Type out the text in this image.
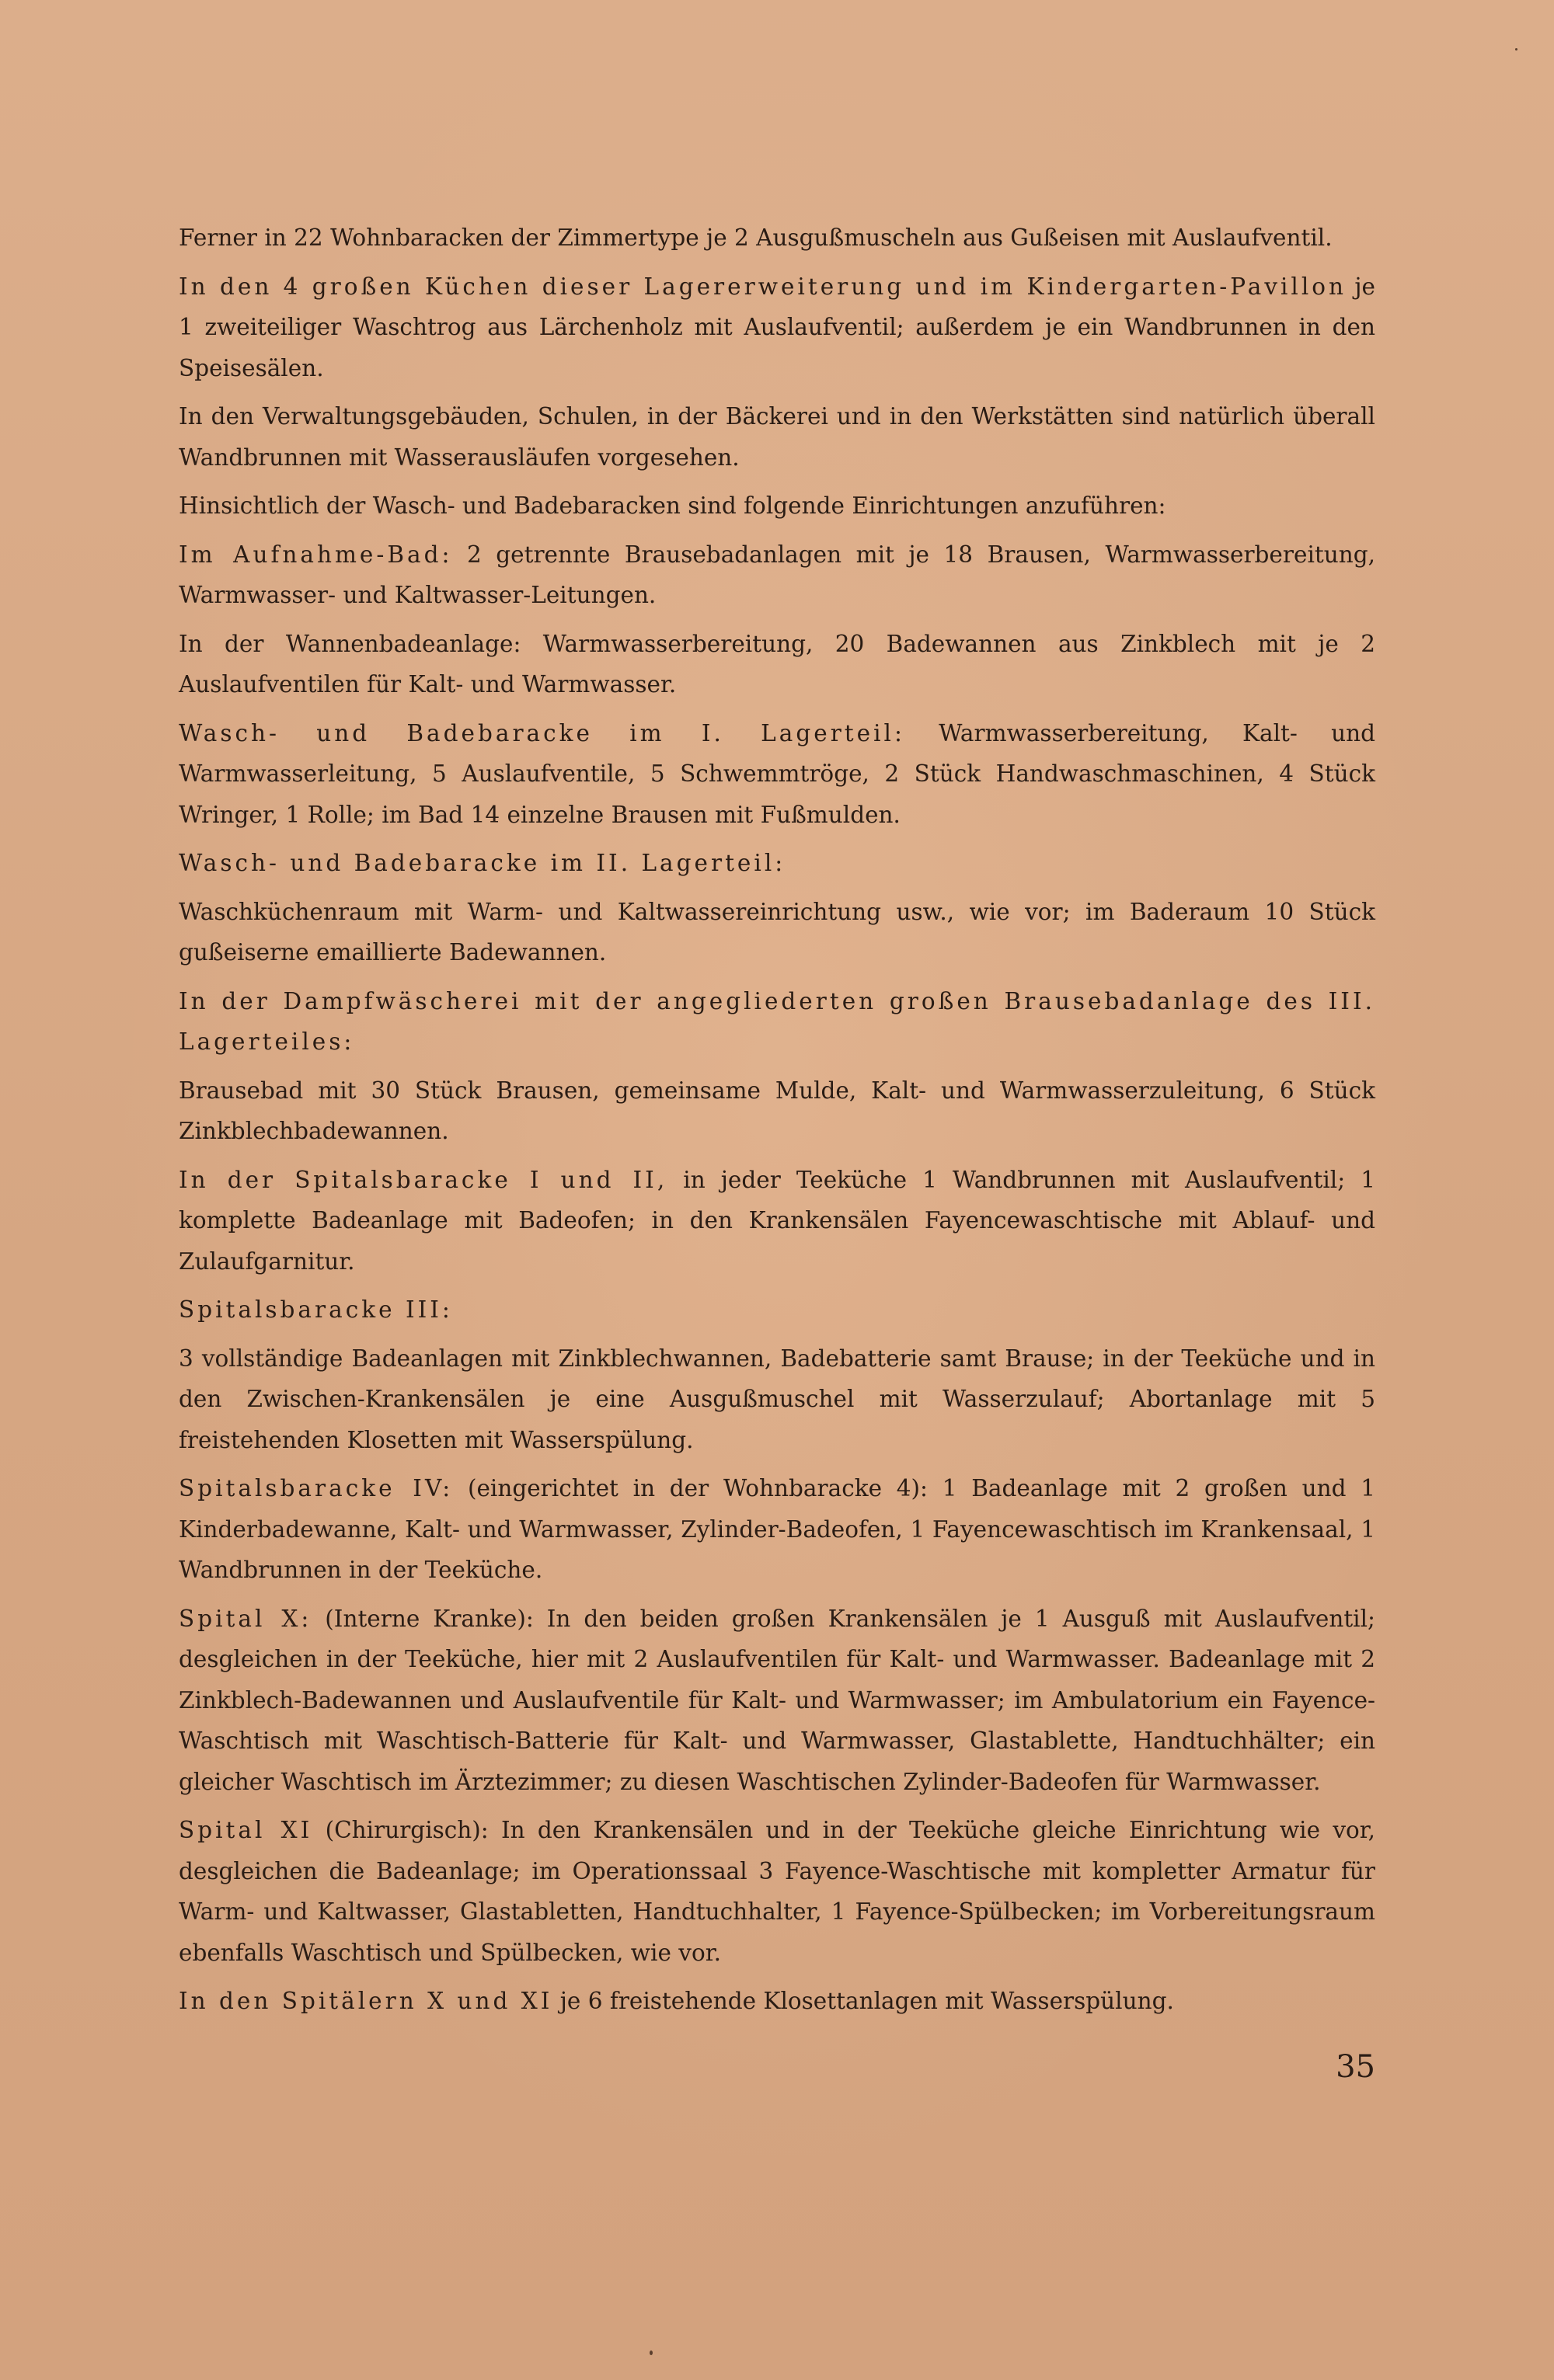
Ferner in 22 Wohnbaracken der Zimmertype je 2 Ausgußmuscheln aus Gußeisen mit Auslaufventil.

In den 4 großen Küchen dieser Lagererweiterung und im Kindergarten-Pavillon je 1 zweiteiliger Waschtrog aus Lärchenholz mit Auslaufventil; außerdem je ein Wandbrunnen in den Speisesälen.

In den Verwaltungsgebäuden, Schulen, in der Bäckerei und in den Werkstätten sind natürlich überall Wandbrunnen mit Wasserausläufen vorgesehen.

Hinsichtlich der Wasch- und Badebaracken sind folgende Einrichtungen anzuführen:

Im Aufnahme-Bad: 2 getrennte Brausebadanlagen mit je 18 Brausen, Warmwasserbereitung, Warmwasser- und Kaltwasser-Leitungen.

In der Wannenbadeanlage: Warmwasserbereitung, 20 Badewannen aus Zinkblech mit je 2 Auslaufventilen für Kalt- und Warmwasser.

Wasch- und Badebaracke im I. Lagerteil: Warmwasserbereitung, Kalt- und Warmwasserleitung, 5 Auslaufventile, 5 Schwemmtröge, 2 Stück Handwaschmaschinen, 4 Stück Wringer, 1 Rolle; im Bad 14 einzelne Brausen mit Fußmulden.

Wasch- und Badebaracke im II. Lagerteil:

Waschküchenraum mit Warm- und Kaltwassereinrichtung usw., wie vor; im Baderaum 10 Stück gußeiserne emaillierte Badewannen.

In der Dampfwäscherei mit der angegliederten großen Brausebadanlage des III. Lagerteiles:

Brausebad mit 30 Stück Brausen, gemeinsame Mulde, Kalt- und Warmwasserzuleitung, 6 Stück Zinkblechbadewannen.

In der Spitalsbaracke I und II, in jeder Teeküche 1 Wandbrunnen mit Auslaufventil; 1 komplette Badeanlage mit Badeofen; in den Krankensälen Fayencewaschtische mit Ablauf- und Zulaufgarnitur.

Spitalsbaracke III:

3 vollständige Badeanlagen mit Zinkblechwannen, Badebatterie samt Brause; in der Teeküche und in den Zwischen-Krankensälen je eine Ausgußmuschel mit Wasserzulauf; Abortanlage mit 5 freistehenden Klosetten mit Wasserspülung.

Spitalsbaracke IV: (eingerichtet in der Wohnbaracke 4): 1 Badeanlage mit 2 großen und 1 Kinderbadewanne, Kalt- und Warmwasser, Zylinder-Badeofen, 1 Fayencewaschtisch im Krankensaal, 1 Wandbrunnen in der Teeküche.

Spital X: (Interne Kranke): In den beiden großen Krankensälen je 1 Ausguß mit Auslaufventil; desgleichen in der Teeküche, hier mit 2 Auslaufventilen für Kalt- und Warmwasser. Badeanlage mit 2 Zinkblech-Badewannen und Auslaufventile für Kalt- und Warmwasser; im Ambulatorium ein Fayence-Waschtisch mit Waschtisch-Batterie für Kalt- und Warmwasser, Glastablette, Handtuchhälter; ein gleicher Waschtisch im Ärztezimmer; zu diesen Waschtischen Zylinder-Badeofen für Warmwasser.

Spital XI (Chirurgisch): In den Krankensälen und in der Teeküche gleiche Einrichtung wie vor, desgleichen die Badeanlage; im Operationssaal 3 Fayence-Waschtische mit kompletter Armatur für Warm- und Kaltwasser, Glastabletten, Handtuchhalter, 1 Fayence-Spülbecken; im Vorbereitungsraum ebenfalls Waschtisch und Spülbecken, wie vor.

In den Spitälern X und XI je 6 freistehende Klosettanlagen mit Wasserspülung.

35
